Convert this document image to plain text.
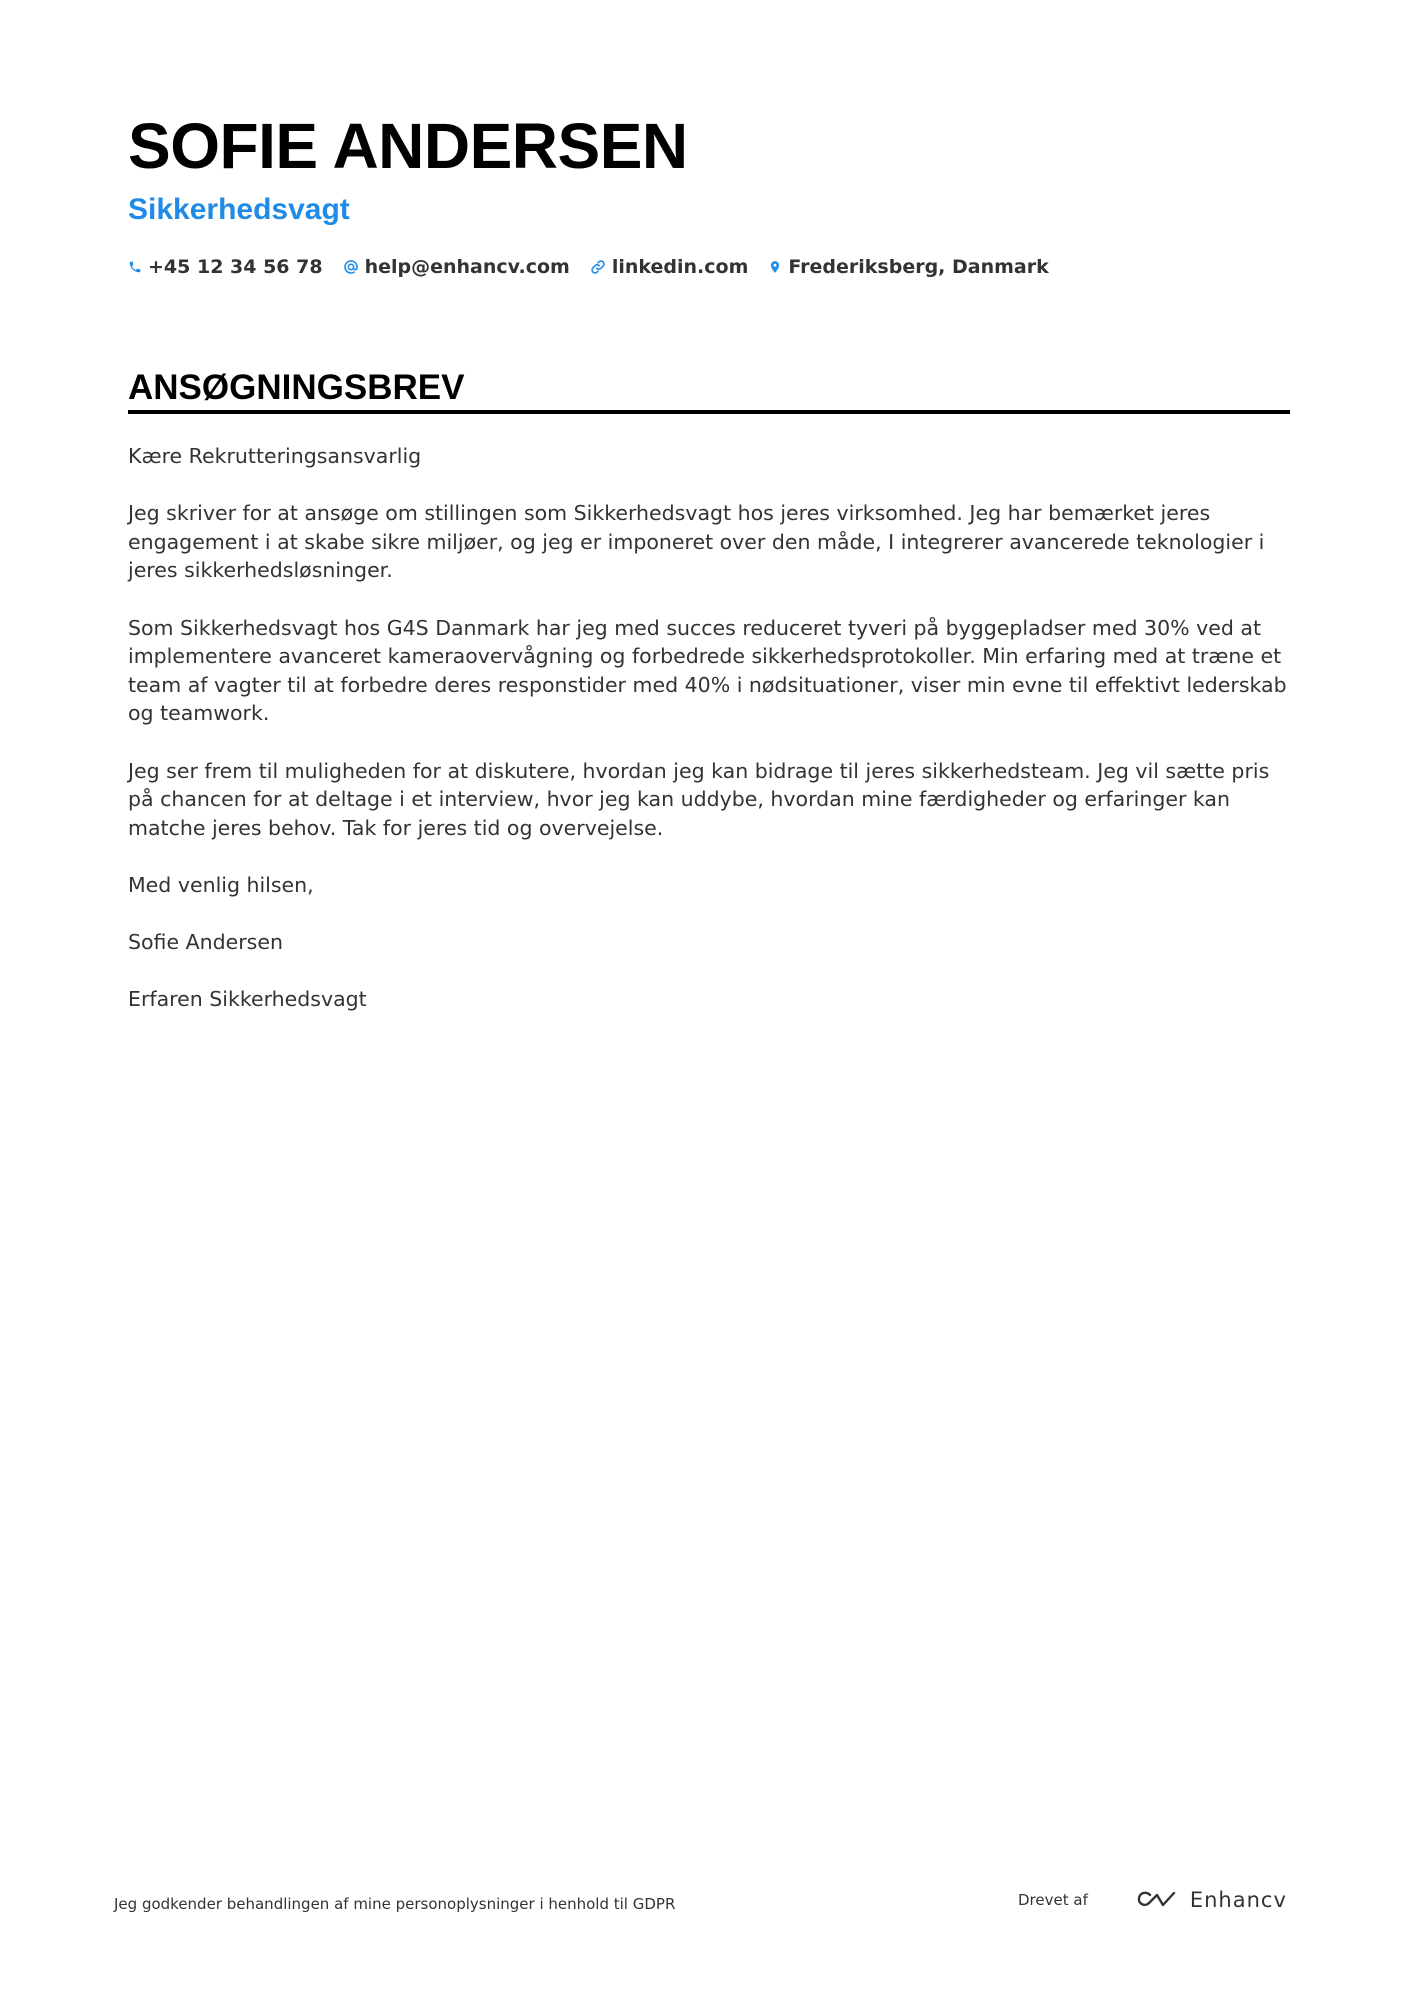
SOFIE ANDERSEN
Sikkerhedsvagt
+45 12 34 56 78 help@enhancv.com linkedin.com Frederiksberg, Danmark
ANSØGNINGSBREV

Kære Rekrutteringsansvarlig

Jeg skriver for at ansøge om stillingen som Sikkerhedsvagt hos jeres virksomhed. Jeg har bemærket jeres engagement i at skabe sikre miljøer, og jeg er imponeret over den måde, I integrerer avancerede teknologier i jeres sikkerhedsløsninger.

Som Sikkerhedsvagt hos G4S Danmark har jeg med succes reduceret tyveri på byggepladser med 30% ved at implementere avanceret kameraovervågning og forbedrede sikkerhedsprotokoller. Min erfaring med at træne et team af vagter til at forbedre deres responstider med 40% i nødsituationer, viser min evne til effektivt lederskab og teamwork.

Jeg ser frem til muligheden for at diskutere, hvordan jeg kan bidrage til jeres sikkerhedsteam. Jeg vil sætte pris på chancen for at deltage i et interview, hvor jeg kan uddybe, hvordan mine færdigheder og erfaringer kan matche jeres behov. Tak for jeres tid og overvejelse.

Med venlig hilsen,

Sofie Andersen

Erfaren Sikkerhedsvagt

Jeg godkender behandlingen af mine personoplysninger i henhold til GDPR	Drevet af	Enhancv
